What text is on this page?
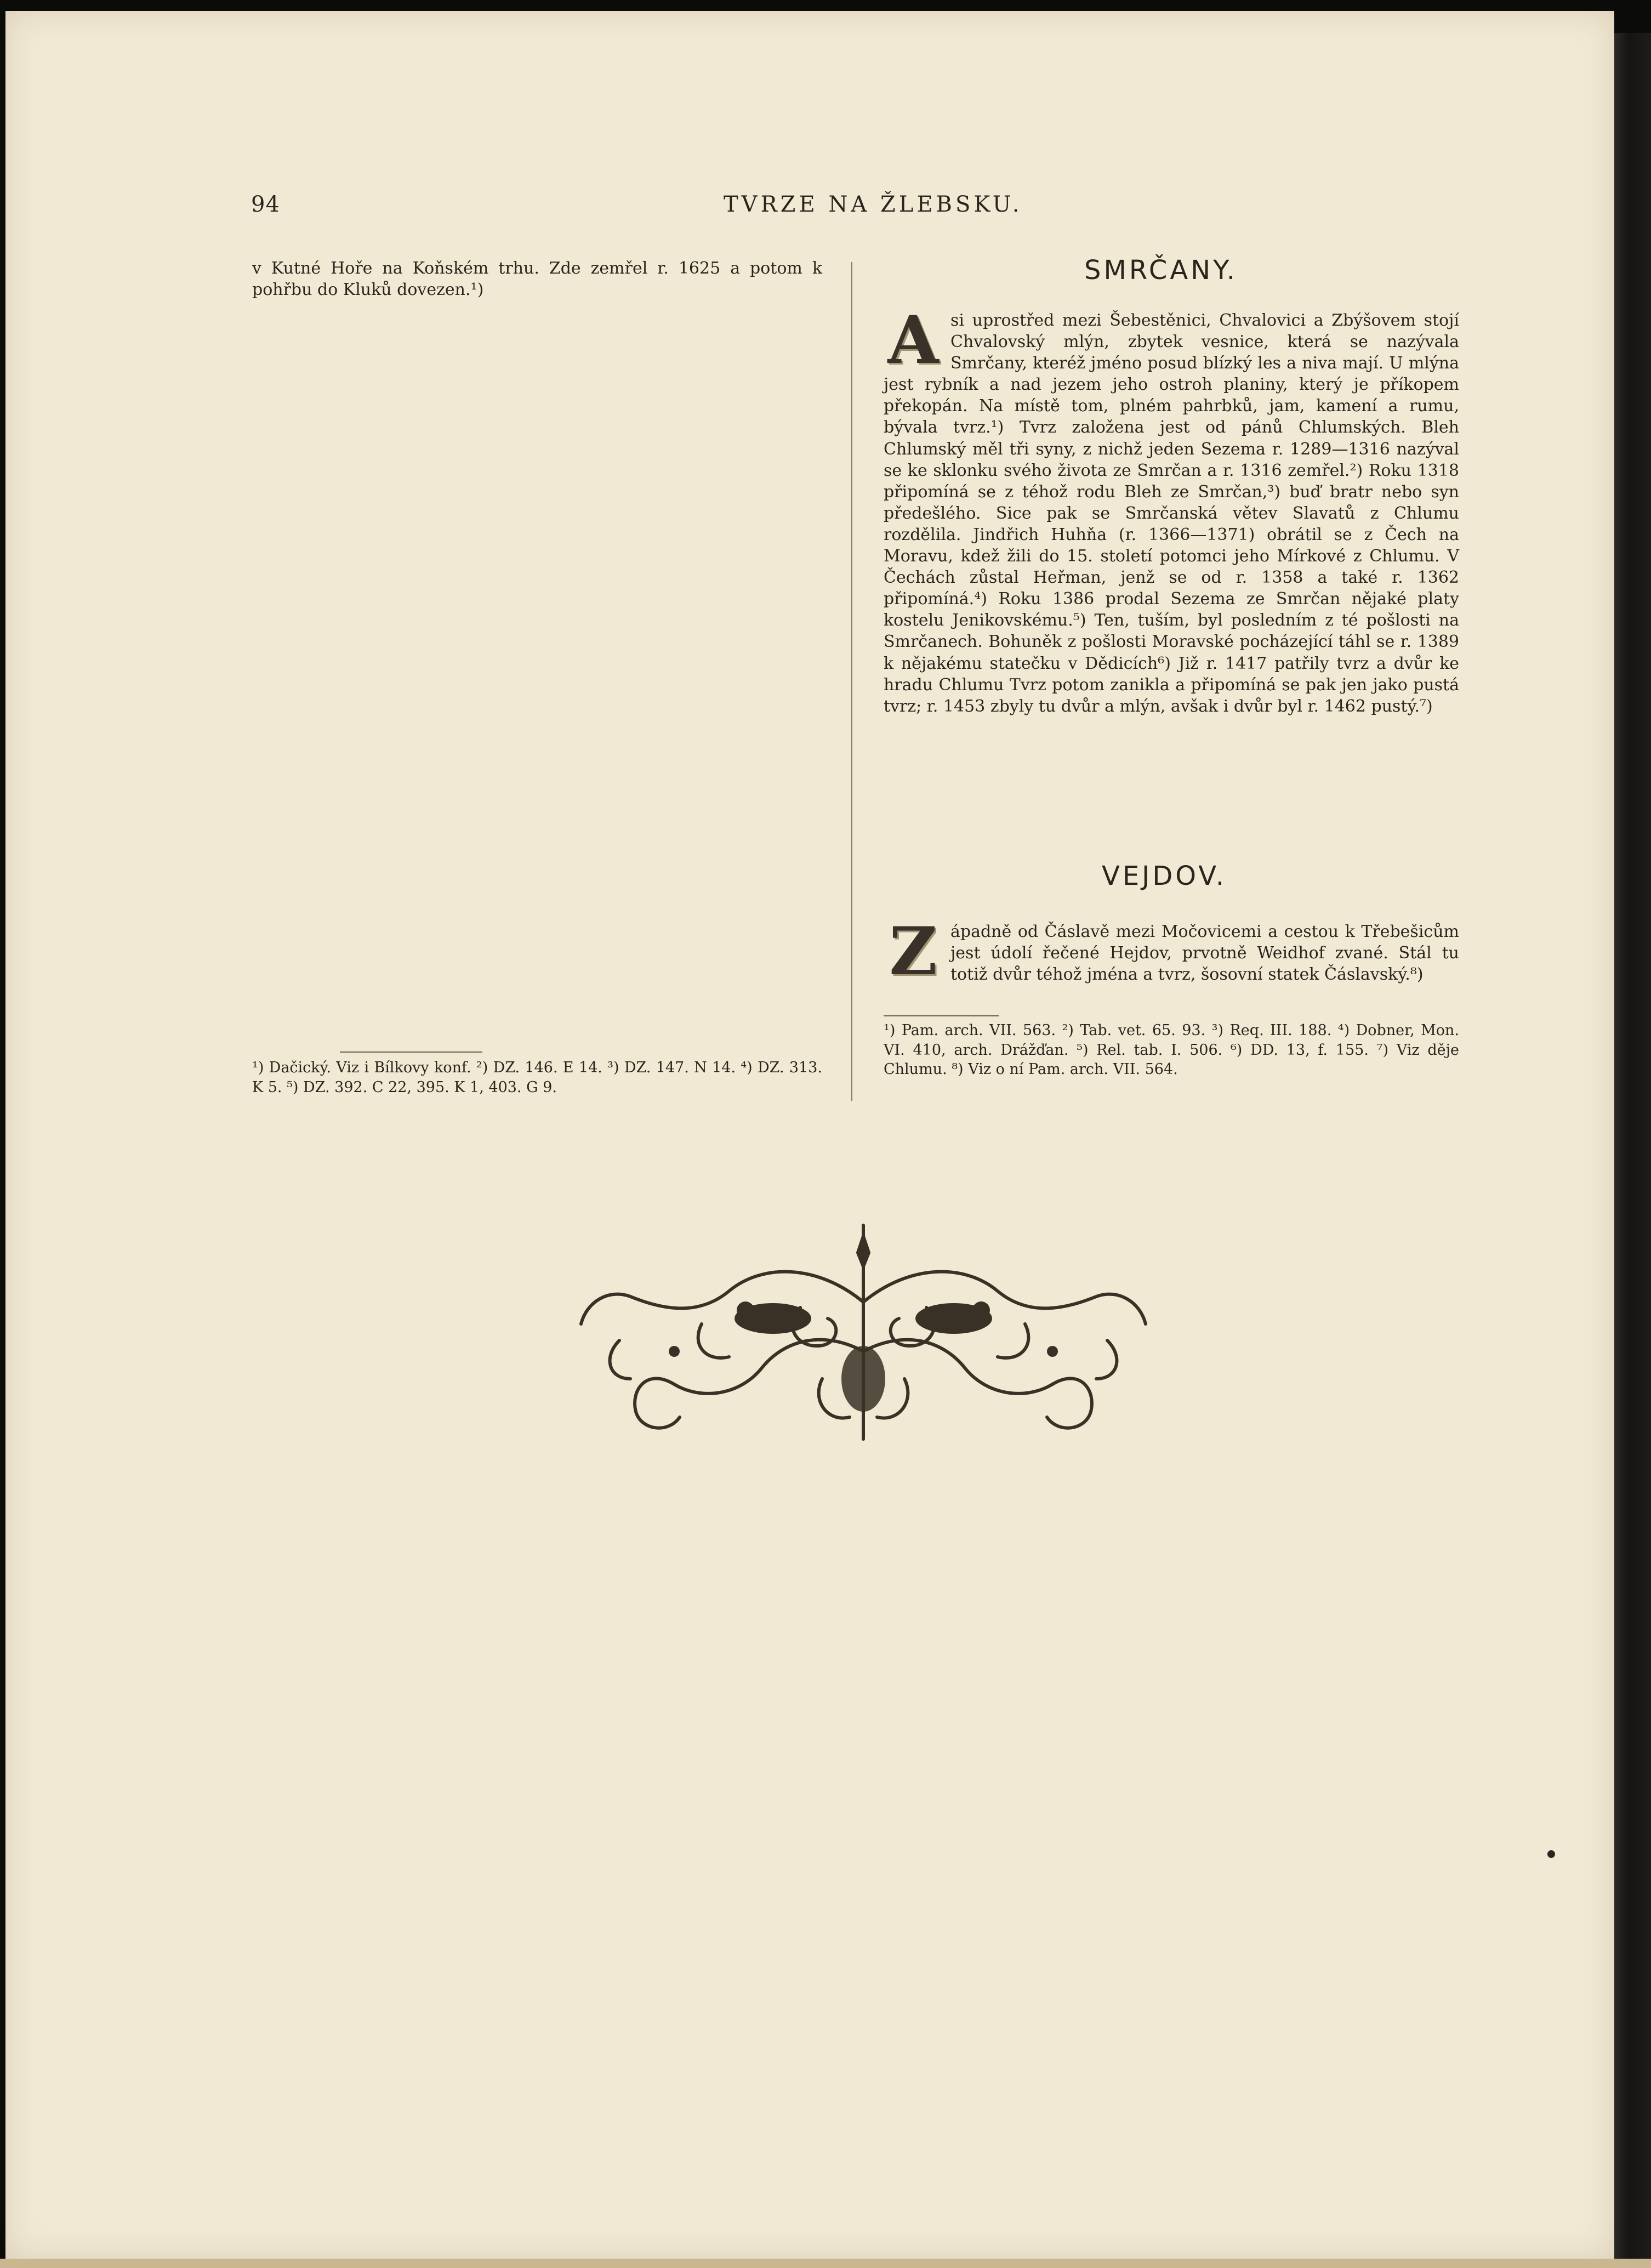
94	TVRZE NA ŽLEBSKU.

v Kutné Hoře na Koňském trhu. Zde zemřel r. 1625 a potom k pohřbu do Kluků dovezen.¹)

¹) Dačický. Viz i Bílkovy konf. ²) DZ. 146. E 14. ³) DZ. 147. N 14. ⁴) DZ. 313. K 5. ⁵) DZ. 392. C 22, 395. K 1, 403. G 9.
SMRČANY.
A si uprostřed mezi Šebestěnici, Chvalovici a Zbýšovem stojí Chvalovský mlýn, zbytek vesnice, která se nazývala Smrčany, kteréž jméno posud blízký les a niva mají. U mlýna jest rybník a nad jezem jeho ostroh planiny, který je příkopem překopán. Na místě tom, plném pahrbků, jam, kamení a rumu, bývala tvrz.¹) Tvrz založena jest od pánů Chlumských. Bleh Chlumský měl tři syny, z nichž jeden Sezema r. 1289—1316 nazýval se ke sklonku svého života ze Smrčan a r. 1316 zemřel.²) Roku 1318 připomíná se z téhož rodu Bleh ze Smrčan,³) buď bratr nebo syn předešlého. Sice pak se Smrčanská větev Slavatů z Chlumu rozdělila. Jindřich Huhňa (r. 1366—1371) obrátil se z Čech na Moravu, kdež žili do 15. století potomci jeho Mírkové z Chlumu. V Čechách zůstal Heřman, jenž se od r. 1358 a také r. 1362 připomíná.⁴) Roku 1386 prodal Sezema ze Smrčan nějaké platy kostelu Jenikovskému.⁵) Ten, tuším, byl posledním z té pošlosti na Smrčanech. Bohuněk z pošlosti Moravské pocházející táhl se r. 1389 k nějakému statečku v Dědicích⁶) Již r. 1417 patřily tvrz a dvůr ke hradu Chlumu Tvrz potom zanikla a připomíná se pak jen jako pustá tvrz; r. 1453 zbyly tu dvůr a mlýn, avšak i dvůr byl r. 1462 pustý.⁷)
VEJDOV.
Z ápadně od Čáslavě mezi Močovicemi a cestou k Třebešicům jest údolí řečené Hejdov, prvotně Weidhof zvané. Stál tu totiž dvůr téhož jména a tvrz, šosovní statek Čáslavský.⁸)
¹) Pam. arch. VII. 563. ²) Tab. vet. 65. 93. ³) Req. III. 188. ⁴) Dobner, Mon. VI. 410, arch. Drážďan. ⁵) Rel. tab. I. 506. ⁶) DD. 13, f. 155. ⁷) Viz děje Chlumu. ⁸) Viz o ní Pam. arch. VII. 564.
